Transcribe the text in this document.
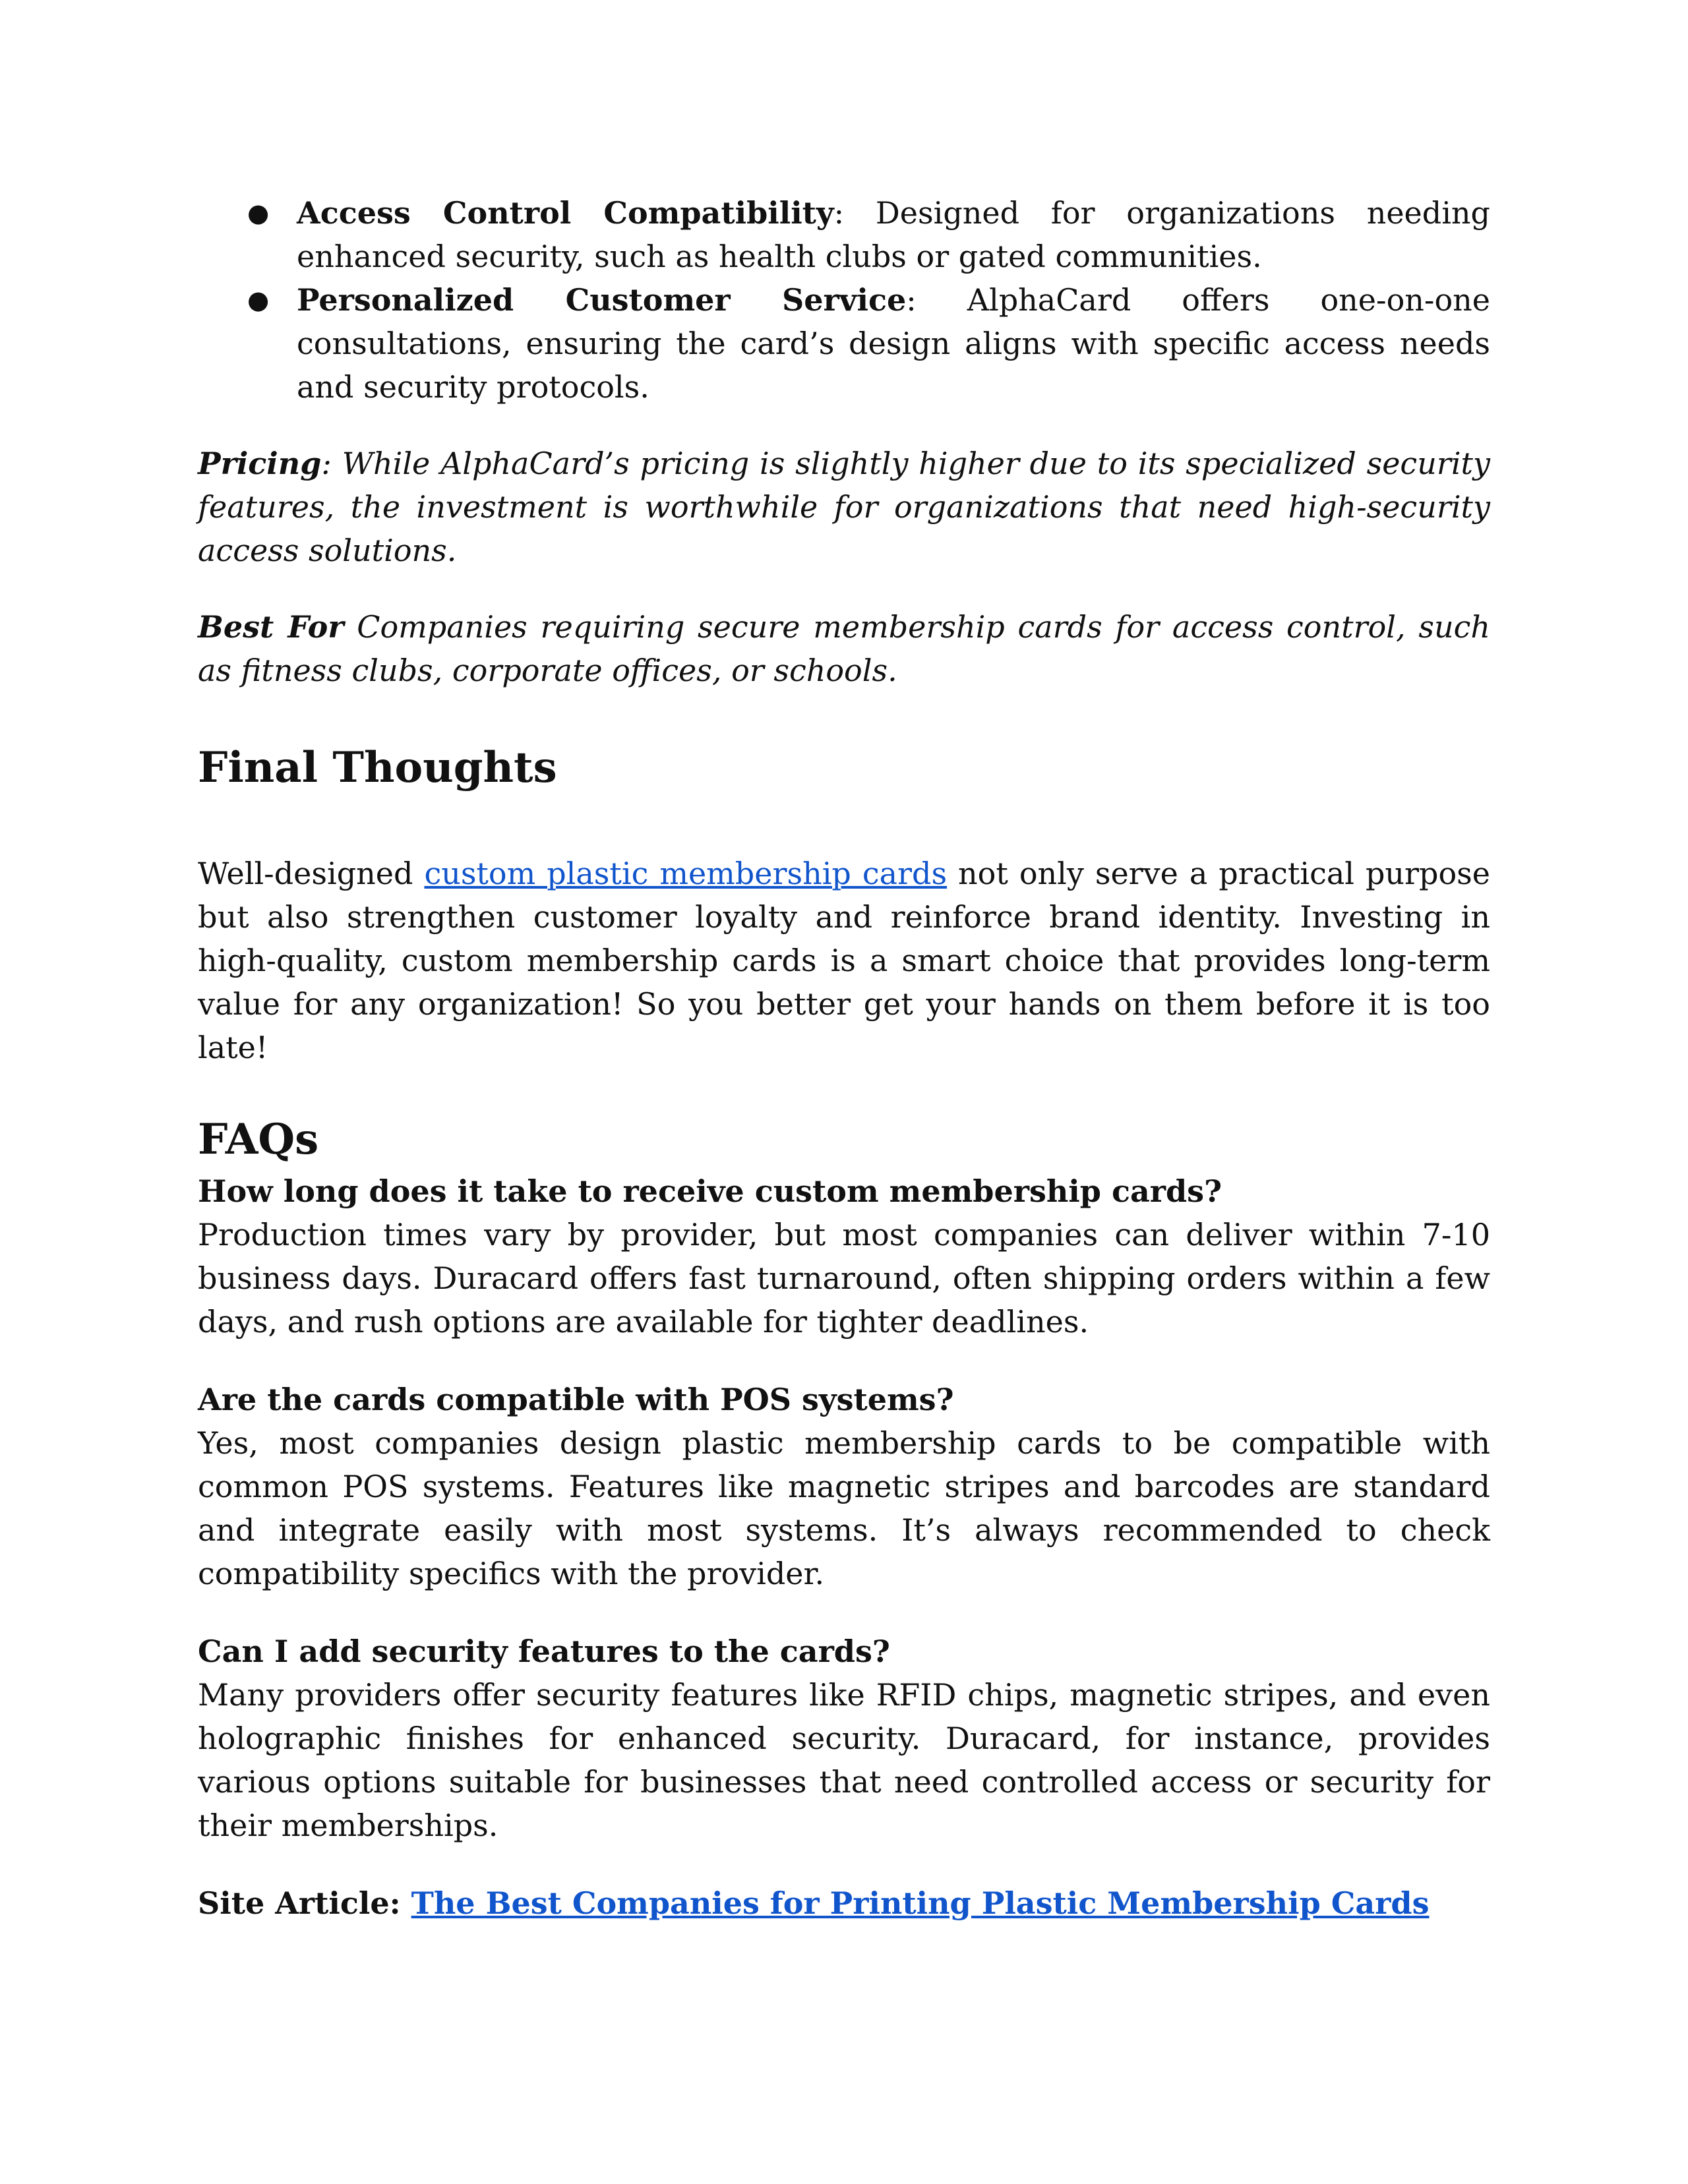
● Access Control Compatibility: Designed for organizations needing enhanced security, such as health clubs or gated communities.
● Personalized Customer Service: AlphaCard offers one-on-one consultations, ensuring the card’s design aligns with specific access needs and security protocols.

Pricing: While AlphaCard’s pricing is slightly higher due to its specialized security features, the investment is worthwhile for organizations that need high-security access solutions.

Best For Companies requiring secure membership cards for access control, such as fitness clubs, corporate offices, or schools.

Final Thoughts

Well-designed custom plastic membership cards not only serve a practical purpose but also strengthen customer loyalty and reinforce brand identity. Investing in high-quality, custom membership cards is a smart choice that provides long-term value for any organization! So you better get your hands on them before it is too late!

FAQs

How long does it take to receive custom membership cards?

Production times vary by provider, but most companies can deliver within 7-10 business days. Duracard offers fast turnaround, often shipping orders within a few days, and rush options are available for tighter deadlines.

Are the cards compatible with POS systems?

Yes, most companies design plastic membership cards to be compatible with common POS systems. Features like magnetic stripes and barcodes are standard and integrate easily with most systems. It’s always recommended to check compatibility specifics with the provider.

Can I add security features to the cards?

Many providers offer security features like RFID chips, magnetic stripes, and even holographic finishes for enhanced security. Duracard, for instance, provides various options suitable for businesses that need controlled access or security for their memberships.

Site Article: The Best Companies for Printing Plastic Membership Cards
